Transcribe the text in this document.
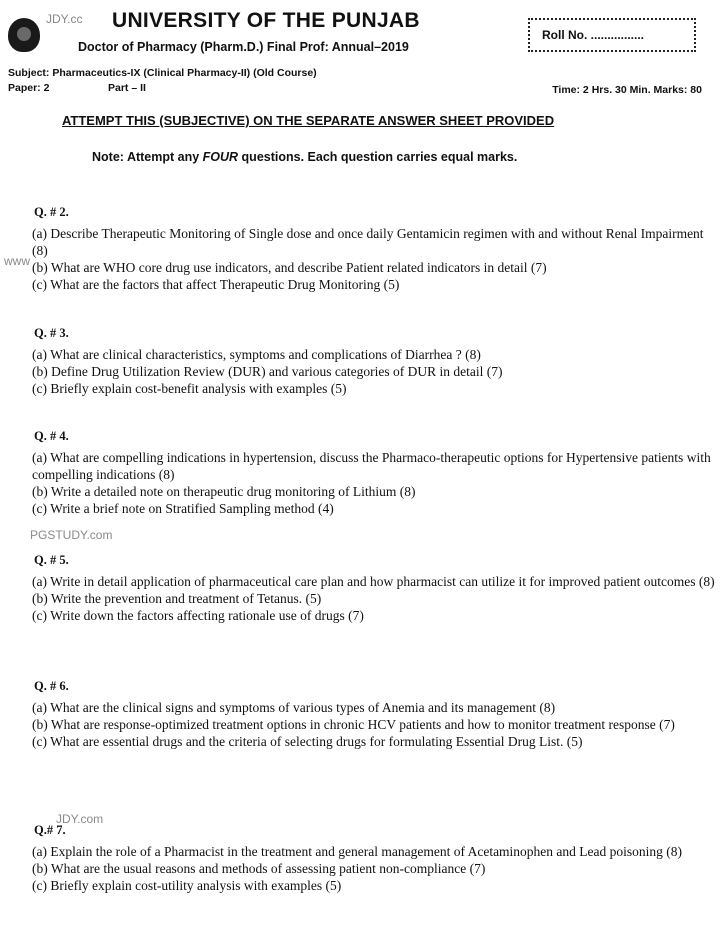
JDY.cc UNIVERSITY OF THE PUNJAB
Doctor of Pharmacy (Pharm.D.) Final Prof: Annual–2019
Roll No. ................
Subject: Pharmaceutics-IX (Clinical Pharmacy-II) (Old Course)
Paper: 2	Part – II	Time: 2 Hrs. 30 Min. Marks: 80
ATTEMPT THIS (SUBJECTIVE) ON THE SEPARATE ANSWER SHEET PROVIDED
Note: Attempt any FOUR questions. Each question carries equal marks.
Q. # 2.
(a) Describe Therapeutic Monitoring of Single dose and once daily Gentamicin regimen with and without Renal Impairment (8)
(b) What are WHO core drug use indicators, and describe Patient related indicators in detail (7)
(c) What are the factors that affect Therapeutic Drug Monitoring (5)
Q. # 3.
(a) What are clinical characteristics, symptoms and complications of Diarrhea ? (8)
(b) Define Drug Utilization Review (DUR) and various categories of DUR in detail (7)
(c) Briefly explain cost-benefit analysis with examples (5)
Q. # 4.
(a) What are compelling indications in hypertension, discuss the Pharmaco-therapeutic options for Hypertensive patients with compelling indications (8)
(b) Write a detailed note on therapeutic drug monitoring of Lithium (8)
(c) Write a brief note on Stratified Sampling method (4)
Q. # 5.
(a) Write in detail application of pharmaceutical care plan and how pharmacist can utilize it for improved patient outcomes (8)
(b) Write the prevention and treatment of Tetanus. (5)
(c) Write down the factors affecting rationale use of drugs (7)
Q. # 6.
(a) What are the clinical signs and symptoms of various types of Anemia and its management (8)
(b) What are response-optimized treatment options in chronic HCV patients and how to monitor treatment response (7)
(c) What are essential drugs and the criteria of selecting drugs for formulating Essential Drug List. (5)
Q.# 7.
(a) Explain the role of a Pharmacist in the treatment and general management of Acetaminophen and Lead poisoning (8)
(b) What are the usual reasons and methods of assessing patient non-compliance (7)
(c) Briefly explain cost-utility analysis with examples (5)
www
PGSTUDY.com
JDY.com
